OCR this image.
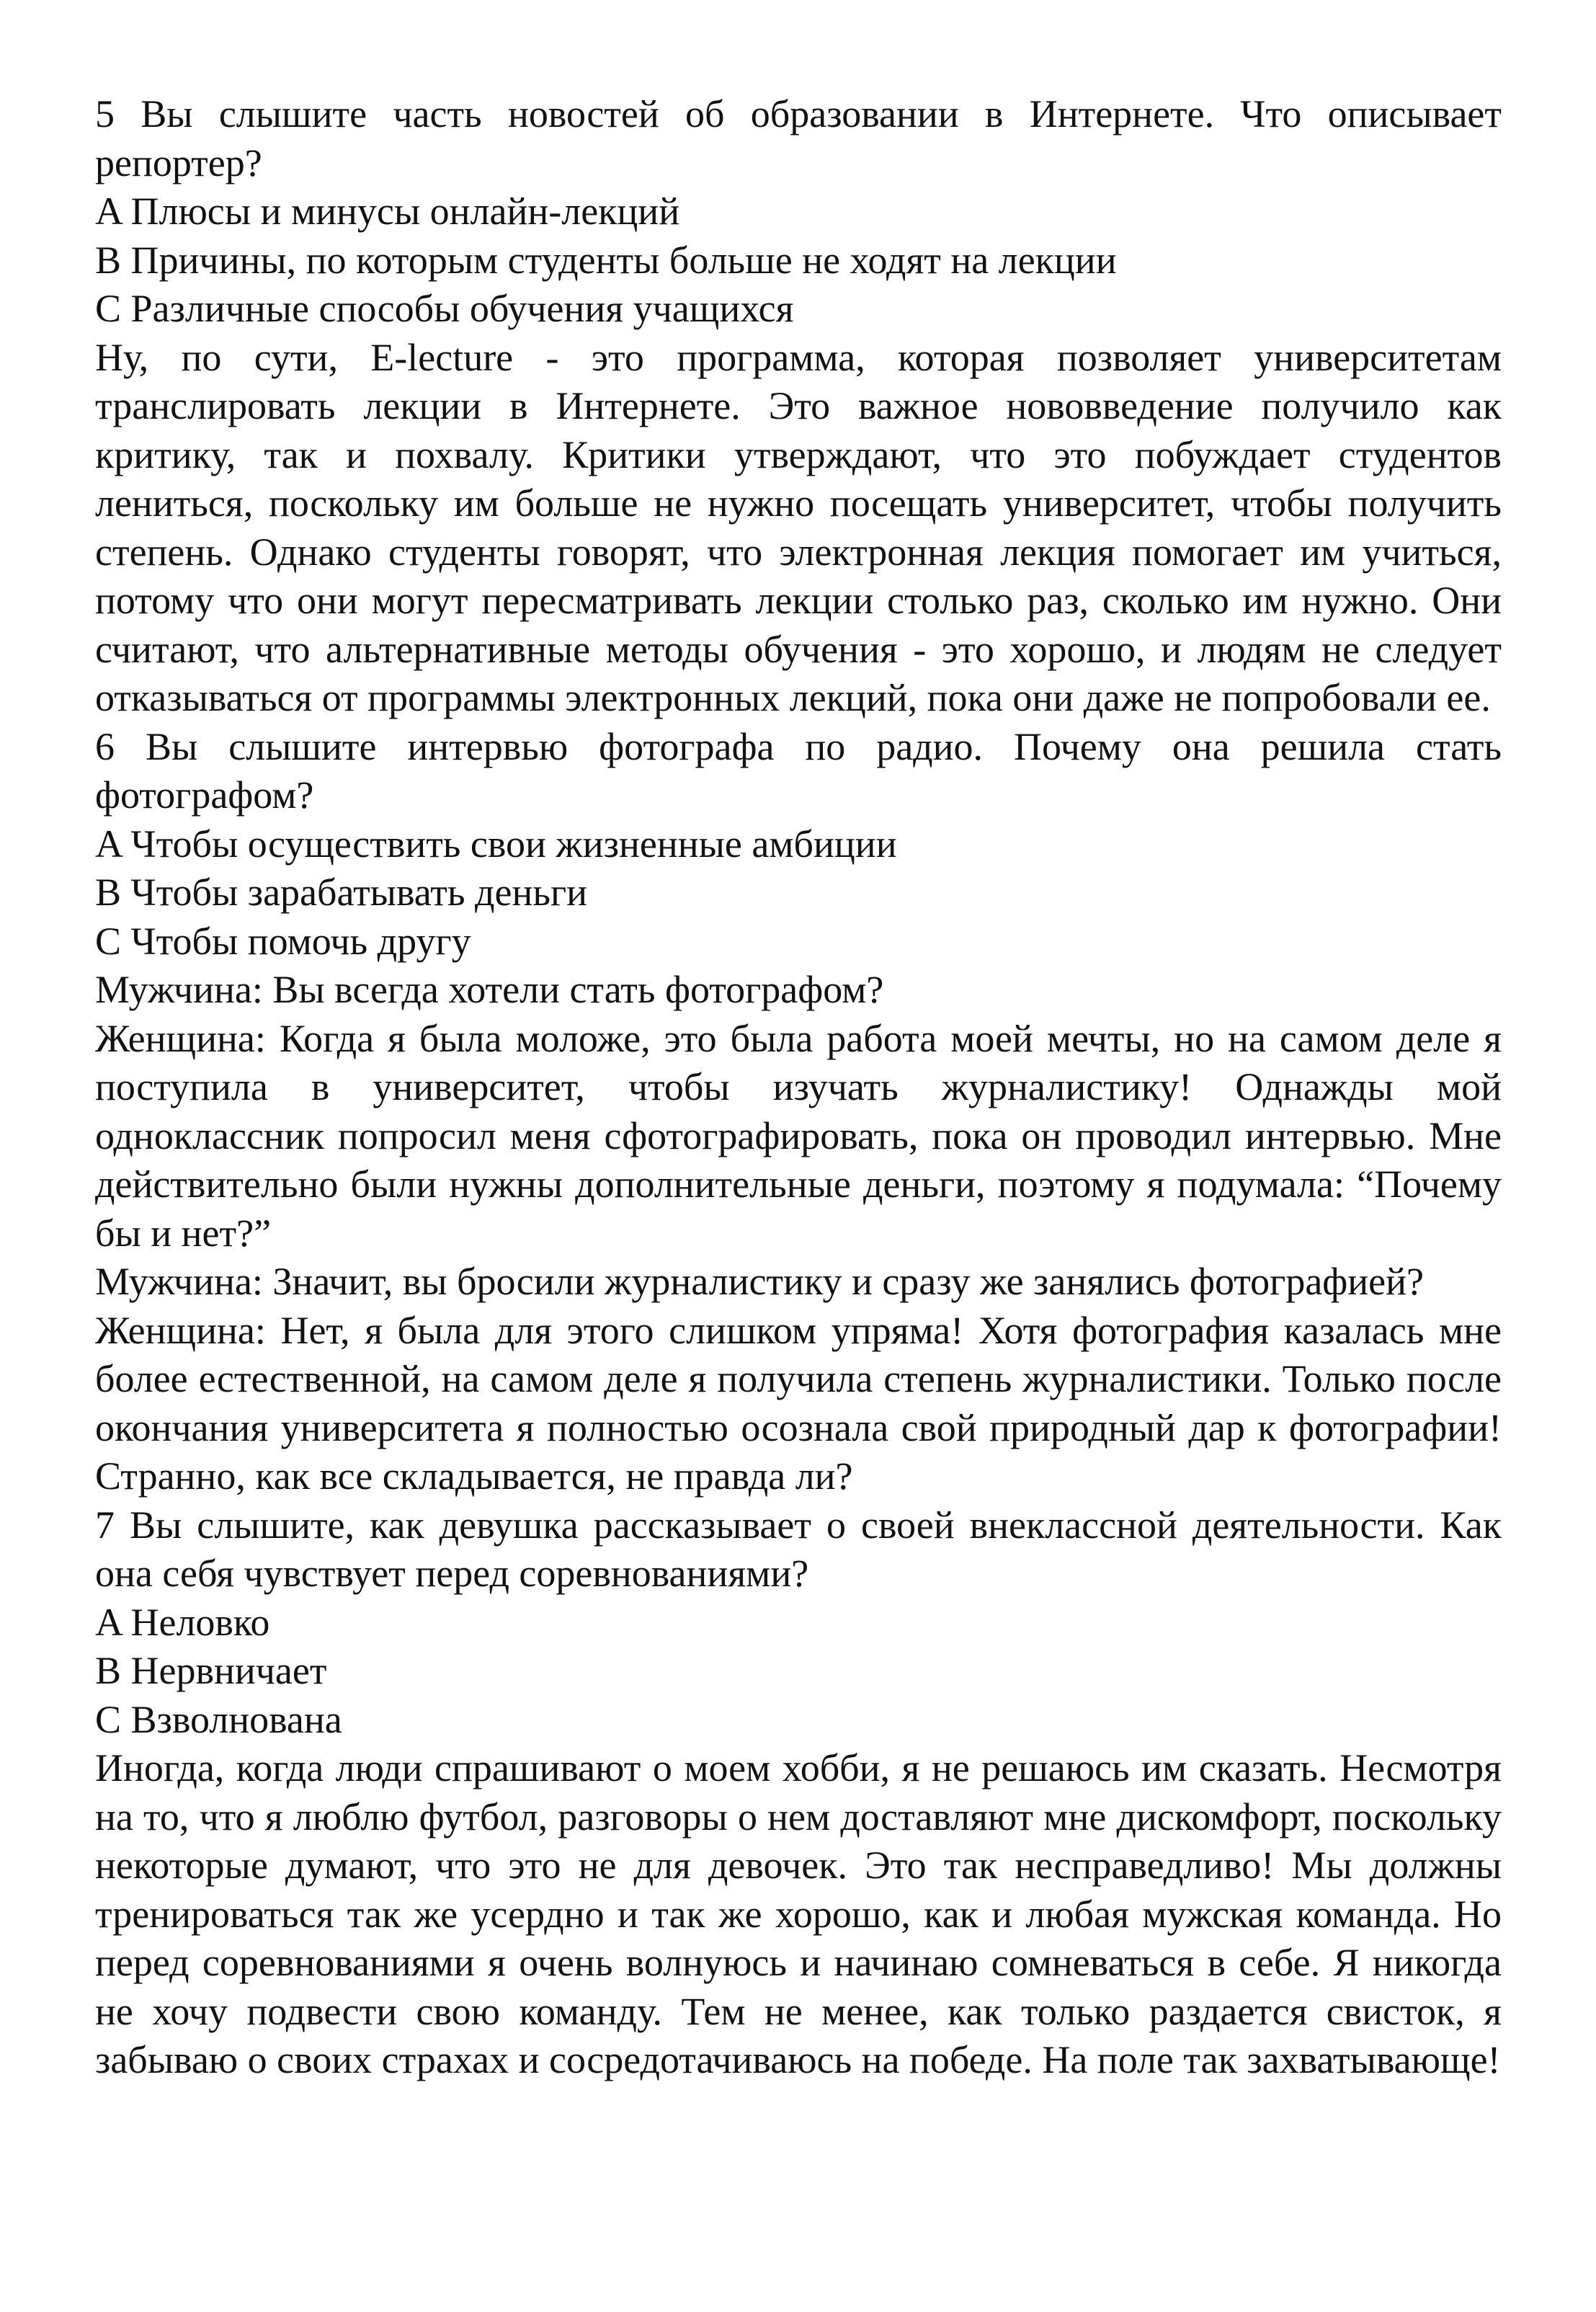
5 Вы слышите часть новостей об образовании в Интернете. Что описывает репортер?

A Плюсы и минусы онлайн-лекций

B Причины, по которым студенты больше не ходят на лекции

C Различные способы обучения учащихся

Ну, по сути, E-lecture - это программа, которая позволяет университетам транслировать лекции в Интернете. Это важное нововведение получило как критику, так и похвалу. Критики утверждают, что это побуждает студентов лениться, поскольку им больше не нужно посещать университет, чтобы получить степень. Однако студенты говорят, что электронная лекция помогает им учиться, потому что они могут пересматривать лекции столько раз, сколько им нужно. Они считают, что альтернативные методы обучения - это хорошо, и людям не следует отказываться от программы электронных лекций, пока они даже не попробовали ее.

6 Вы слышите интервью фотографа по радио. Почему она решила стать фотографом?

A Чтобы осуществить свои жизненные амбиции

B Чтобы зарабатывать деньги

C Чтобы помочь другу

Мужчина: Вы всегда хотели стать фотографом?

Женщина: Когда я была моложе, это была работа моей мечты, но на самом деле я поступила в университет, чтобы изучать журналистику! Однажды мой одноклассник попросил меня сфотографировать, пока он проводил интервью. Мне действительно были нужны дополнительные деньги, поэтому я подумала: “Почему бы и нет?”

Мужчина: Значит, вы бросили журналистику и сразу же занялись фотографией?

Женщина: Нет, я была для этого слишком упряма! Хотя фотография казалась мне более естественной, на самом деле я получила степень журналистики. Только после окончания университета я полностью осознала свой природный дар к фотографии! Странно, как все складывается, не правда ли?

7 Вы слышите, как девушка рассказывает о своей внеклассной деятельности. Как она себя чувствует перед соревнованиями?

A Неловко

B Нервничает

C Взволнована

Иногда, когда люди спрашивают о моем хобби, я не решаюсь им сказать. Несмотря на то, что я люблю футбол, разговоры о нем доставляют мне дискомфорт, поскольку некоторые думают, что это не для девочек. Это так несправедливо! Мы должны тренироваться так же усердно и так же хорошо, как и любая мужская команда. Но перед соревнованиями я очень волнуюсь и начинаю сомневаться в себе. Я никогда не хочу подвести свою команду. Тем не менее, как только раздается свисток, я забываю о своих страхах и сосредотачиваюсь на победе. На поле так захватывающе!
